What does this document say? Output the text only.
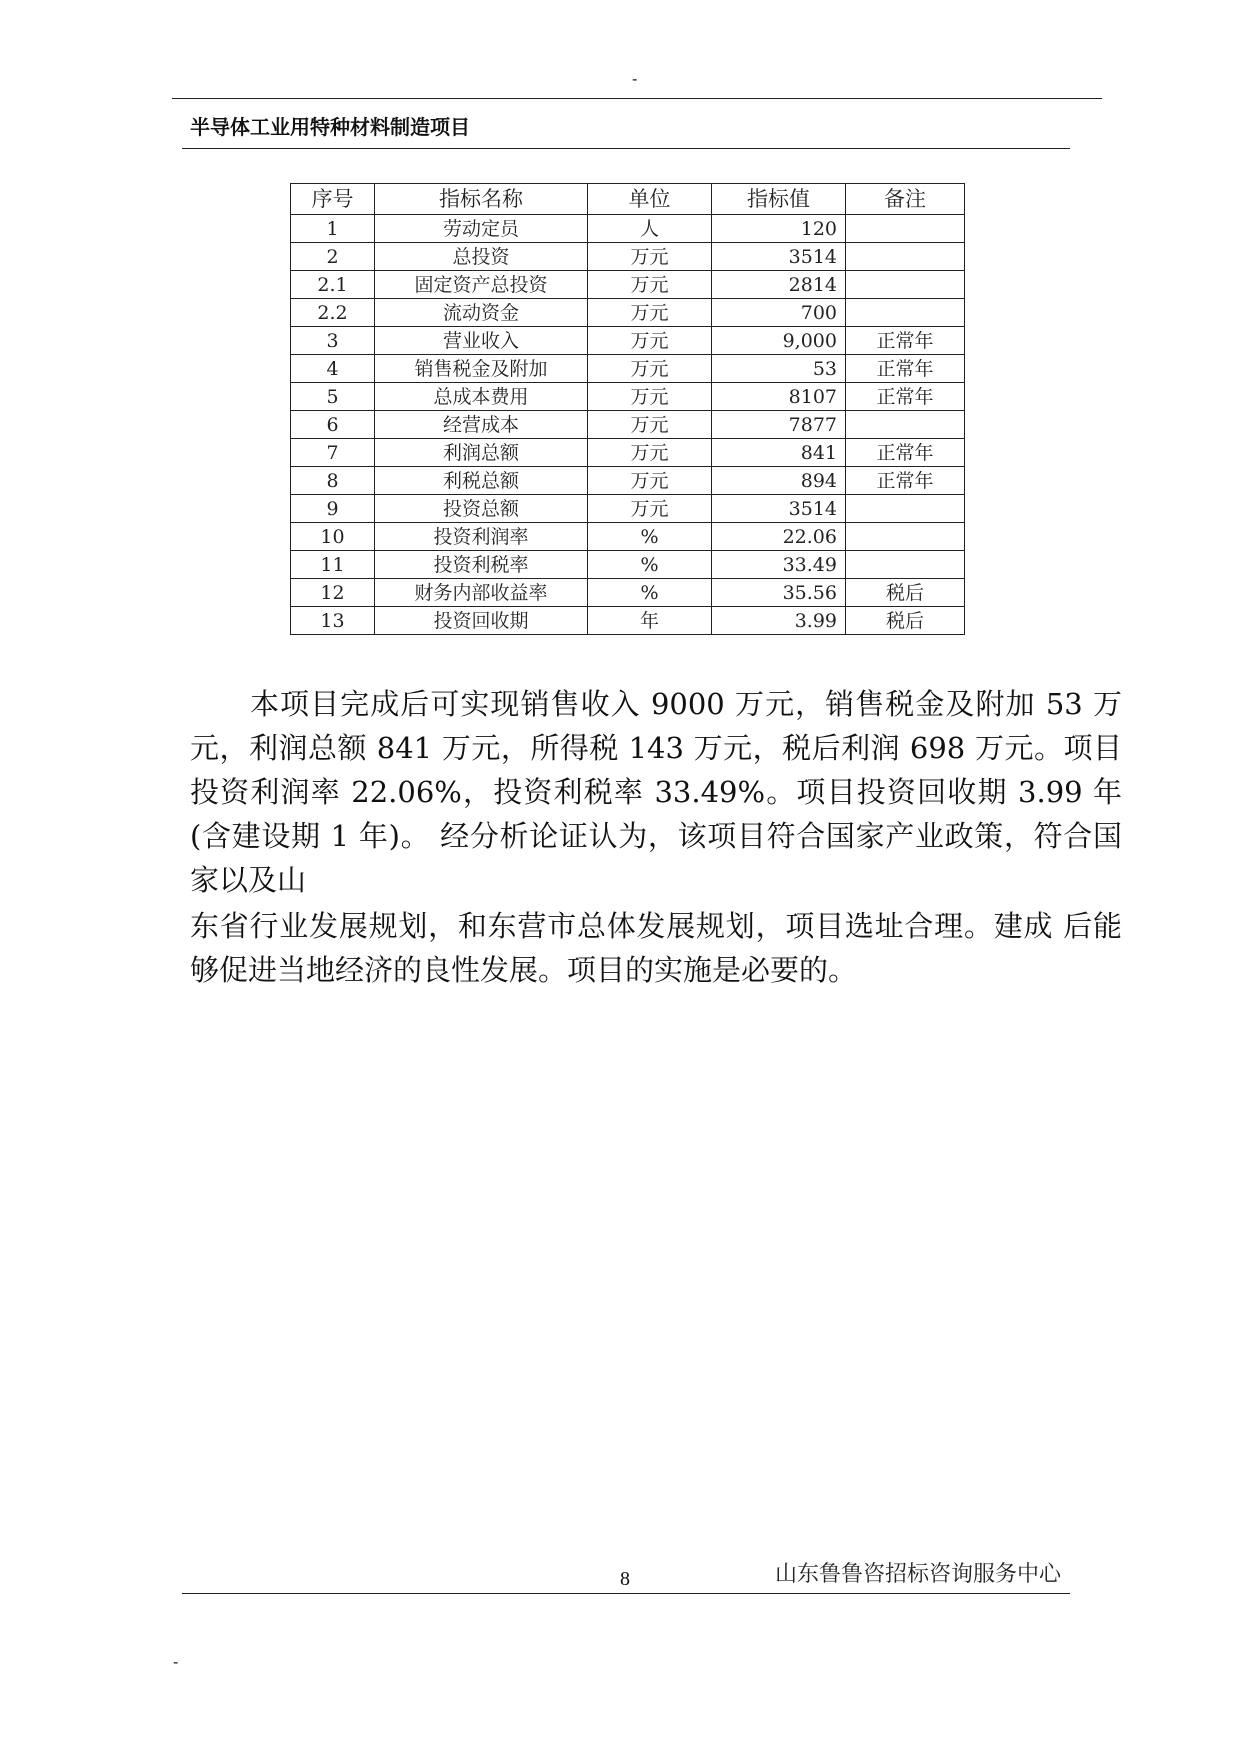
-
半导体工业用特种材料制造项目
序号	指标名称	单位	指标值	备注
1	劳动定员	人	120	
2	总投资	万元	3514	
2.1	固定资产总投资	万元	2814	
2.2	流动资金	万元	700	
3	营业收入	万元	9,000	正常年
4	销售税金及附加	万元	53	正常年
5	总成本费用	万元	8107	正常年
6	经营成本	万元	7877	
7	利润总额	万元	841	正常年
8	利税总额	万元	894	正常年
9	投资总额	万元	3514	
10	投资利润率	%	22.06	
11	投资利税率	%	33.49	
12	财务内部收益率	%	35.56	税后
13	投资回收期	年	3.99	税后

本项目完成后可实现销售收入 9000 万元，销售税金及附加 53 万元，利润总额 841 万元，所得税 143 万元，税后利润 698 万元。项目投资利润率 22.06%，投资利税率 33.49%。项目投资回收期 3.99 年(含建设期 1 年)。 经分析论证认为，该项目符合国家产业政策，符合国家以及山

东省行业发展规划，和东营市总体发展规划，项目选址合理。建成 后能够促进当地经济的良性发展。项目的实施是必要的。

8	山东鲁鲁咨招标咨询服务中心
-
